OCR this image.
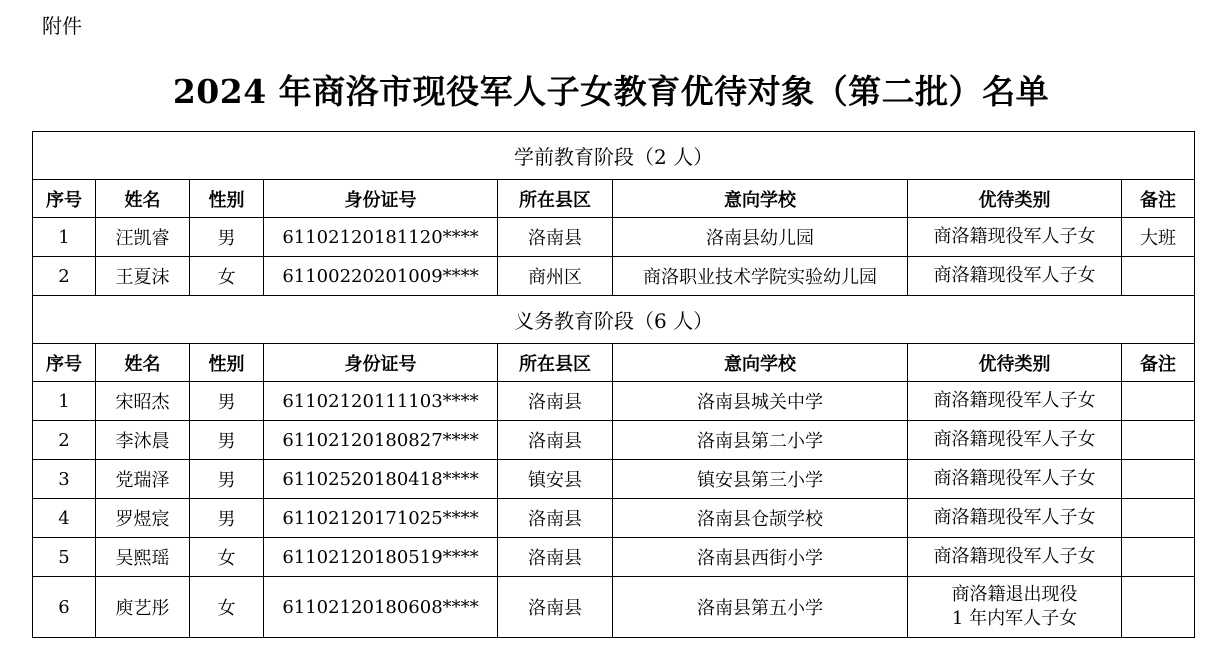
附件
2024 年商洛市现役军人子女教育优待对象（第二批）名单
学前教育阶段（2 人）							
序号	姓名	性别	身份证号	所在县区	意向学校	优待类别	备注
1	汪凯睿	男	61102120181120****	洛南县	洛南县幼儿园	商洛籍现役军人子女	大班
2	王夏沫	女	61100220201009****	商州区	商洛职业技术学院实验幼儿园	商洛籍现役军人子女	

义务教育阶段（6 人）							
序号	姓名	性别	身份证号	所在县区	意向学校	优待类别	备注
1	宋昭杰	男	61102120111103****	洛南县	洛南县城关中学	商洛籍现役军人子女	

2	李沐晨	男	61102120180827****	洛南县	洛南县第二小学	商洛籍现役军人子女	

3	党瑞泽	男	61102520180418****	镇安县	镇安县第三小学	商洛籍现役军人子女	

4	罗煜宸	男	61102120171025****	洛南县	洛南县仓颉学校	商洛籍现役军人子女	

5	吴熙瑶	女	61102120180519****	洛南县	洛南县西街小学	商洛籍现役军人子女	

6	庾艺彤	女	61102120180608****	洛南县	洛南县第五小学	商洛籍退出现役
1 年内军人子女	
